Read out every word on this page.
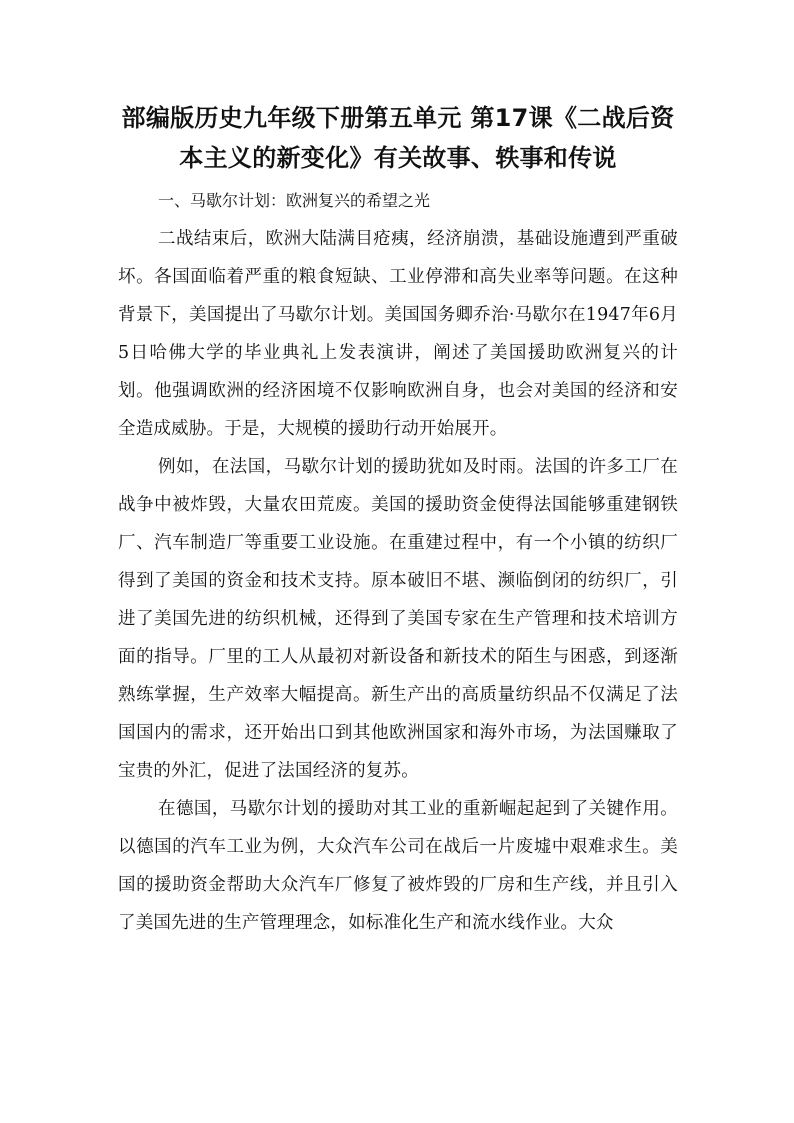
部编版历史九年级下册第五单元 第17课《二战后资
本主义的新变化》有关故事、轶事和传说

一、马歇尔计划：欧洲复兴的希望之光

二战结束后，欧洲大陆满目疮痍，经济崩溃，基础设施遭到严重破坏。各国面临着严重的粮食短缺、工业停滞和高失业率等问题。在这种背景下，美国提出了马歇尔计划。美国国务卿乔治·马歇尔在1947年6月5日哈佛大学的毕业典礼上发表演讲，阐述了美国援助欧洲复兴的计划。他强调欧洲的经济困境不仅影响欧洲自身，也会对美国的经济和安全造成威胁。于是，大规模的援助行动开始展开。

例如，在法国，马歇尔计划的援助犹如及时雨。法国的许多工厂在战争中被炸毁，大量农田荒废。美国的援助资金使得法国能够重建钢铁厂、汽车制造厂等重要工业设施。在重建过程中，有一个小镇的纺织厂得到了美国的资金和技术支持。原本破旧不堪、濒临倒闭的纺织厂，引进了美国先进的纺织机械，还得到了美国专家在生产管理和技术培训方面的指导。厂里的工人从最初对新设备和新技术的陌生与困惑，到逐渐熟练掌握，生产效率大幅提高。新生产出的高质量纺织品不仅满足了法国国内的需求，还开始出口到其他欧洲国家和海外市场，为法国赚取了宝贵的外汇，促进了法国经济的复苏。

在德国，马歇尔计划的援助对其工业的重新崛起起到了关键作用。以德国的汽车工业为例，大众汽车公司在战后一片废墟中艰难求生。美国的援助资金帮助大众汽车厂修复了被炸毁的厂房和生产线，并且引入了美国先进的生产管理理念，如标准化生产和流水线作业。大众
